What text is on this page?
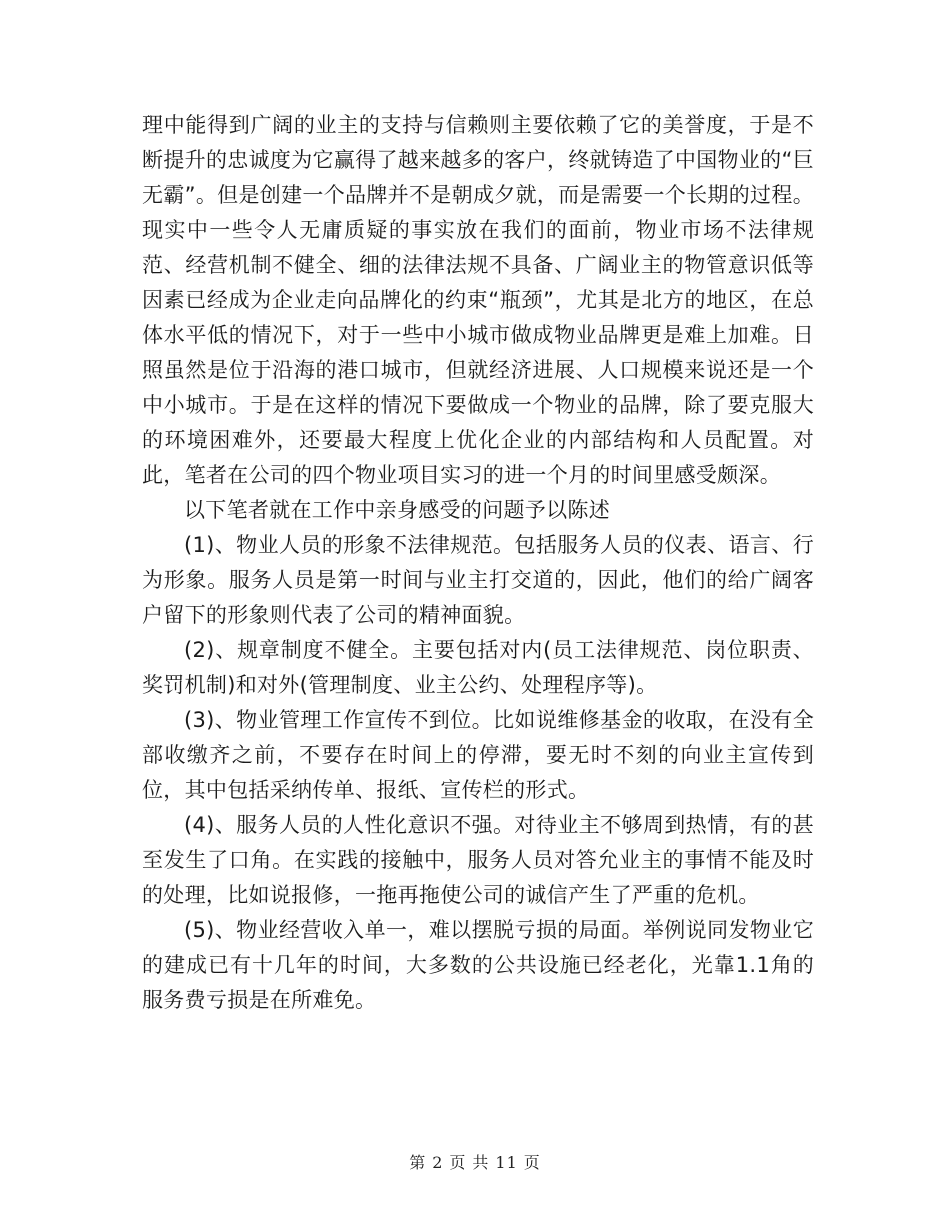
理中能得到广阔的业主的支持与信赖则主要依赖了它的美誉度，于是不断提升的忠诚度为它赢得了越来越多的客户，终就铸造了中国物业的“巨无霸”。但是创建一个品牌并不是朝成夕就，而是需要一个长期的过程。现实中一些令人无庸质疑的事实放在我们的面前，物业市场不法律规范、经营机制不健全、细的法律法规不具备、广阔业主的物管意识低等因素已经成为企业走向品牌化的约束“瓶颈”，尤其是北方的地区，在总体水平低的情况下，对于一些中小城市做成物业品牌更是难上加难。日照虽然是位于沿海的港口城市，但就经济进展、人口规模来说还是一个中小城市。于是在这样的情况下要做成一个物业的品牌，除了要克服大的环境困难外，还要最大程度上优化企业的内部结构和人员配置。对此，笔者在公司的四个物业项目实习的进一个月的时间里感受颇深。

以下笔者就在工作中亲身感受的问题予以陈述

(1)、物业人员的形象不法律规范。包括服务人员的仪表、语言、行为形象。服务人员是第一时间与业主打交道的，因此，他们的给广阔客户留下的形象则代表了公司的精神面貌。

(2)、规章制度不健全。主要包括对内(员工法律规范、岗位职责、奖罚机制)和对外(管理制度、业主公约、处理程序等)。

(3)、物业管理工作宣传不到位。比如说维修基金的收取，在没有全部收缴齐之前，不要存在时间上的停滞，要无时不刻的向业主宣传到位，其中包括采纳传单、报纸、宣传栏的形式。

(4)、服务人员的人性化意识不强。对待业主不够周到热情，有的甚至发生了口角。在实践的接触中，服务人员对答允业主的事情不能及时的处理，比如说报修，一拖再拖使公司的诚信产生了严重的危机。

(5)、物业经营收入单一，难以摆脱亏损的局面。举例说同发物业它的建成已有十几年的时间，大多数的公共设施已经老化，光靠1.1角的服务费亏损是在所难免。

第 2 页 共 11 页
